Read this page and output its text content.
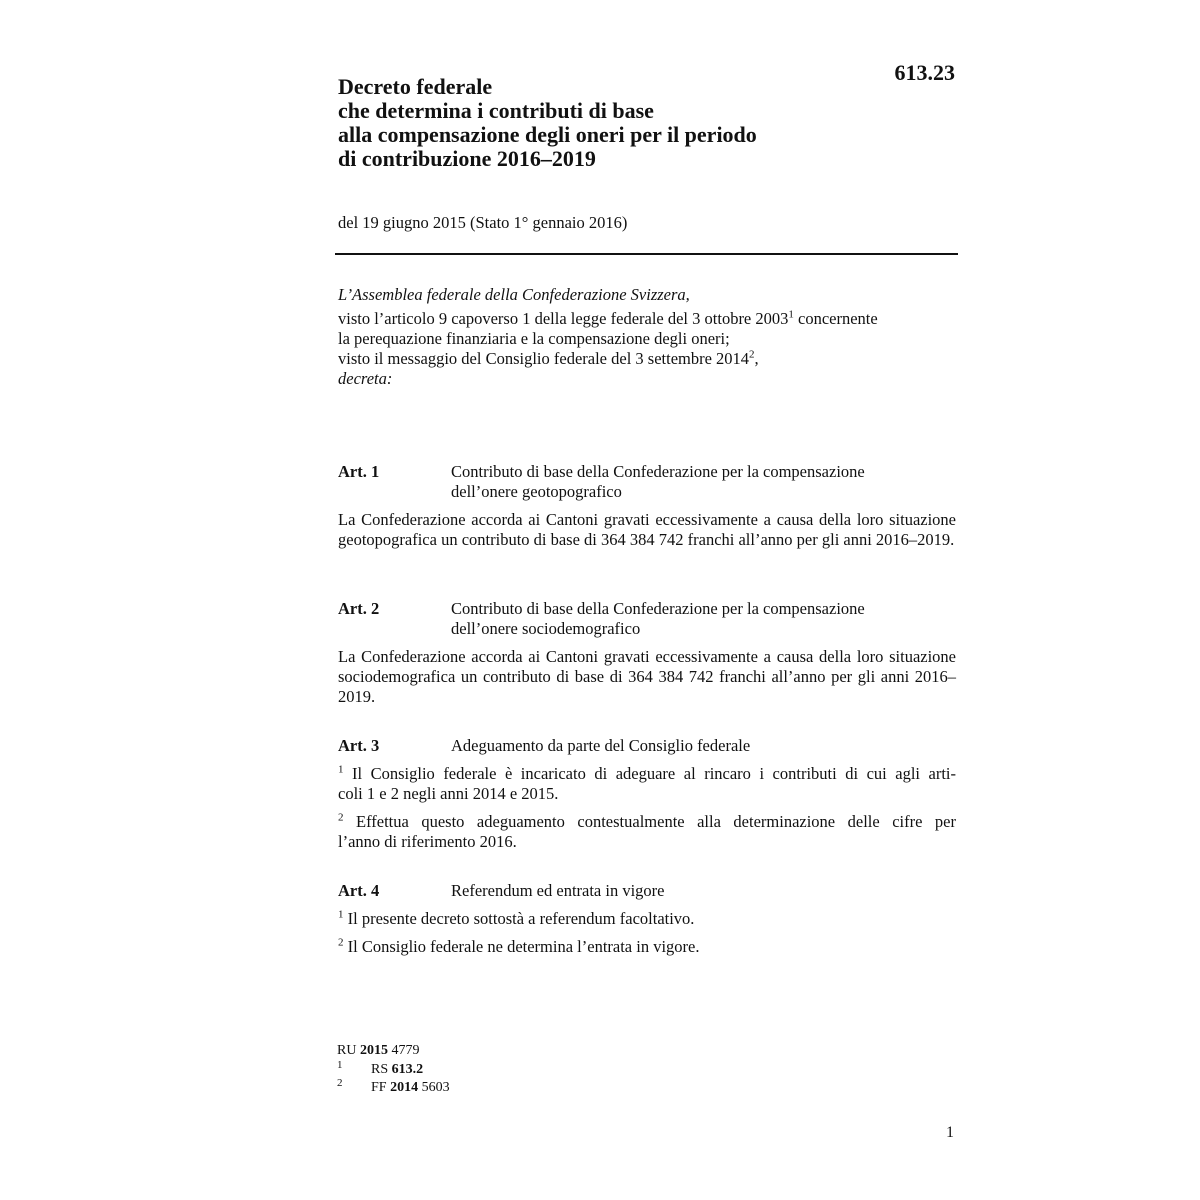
613.23
Decreto federale
che determina i contributi di base
alla compensazione degli oneri per il periodo
di contribuzione 2016–2019
del 19 giugno 2015 (Stato 1° gennaio 2016)
L’Assemblea federale della Confederazione Svizzera,
visto l’articolo 9 capoverso 1 della legge federale del 3 ottobre 2003$^1$ concernente
la perequazione finanziaria e la compensazione degli oneri;
visto il messaggio del Consiglio federale del 3 settembre 2014$^2$,
decreta:
Art. 1	Contributo di base della Confederazione per la compensazione
dell’onere geotopografico
La Confederazione accorda ai Cantoni gravati eccessivamente a causa della loro situazione geotopografica un contributo di base di 364 384 742 franchi all’anno per gli anni 2016–2019.
Art. 2	Contributo di base della Confederazione per la compensazione
dell’onere sociodemografico
La Confederazione accorda ai Cantoni gravati eccessivamente a causa della loro situazione sociodemografica un contributo di base di 364 384 742 franchi all’anno per gli anni 2016–2019.
Art. 3	Adeguamento da parte del Consiglio federale
$^1$ Il Consiglio federale è incaricato di adeguare al rincaro i contributi di cui agli arti-
coli 1 e 2 negli anni 2014 e 2015.
$^2$ Effettua questo adeguamento contestualmente alla determinazione delle cifre per
l’anno di riferimento 2016.
Art. 4	Referendum ed entrata in vigore
$^1$ Il presente decreto sottostà a referendum facoltativo.
$^2$ Il Consiglio federale ne determina l’entrata in vigore.
RU 2015 4779
1	RS 613.2
2	FF 2014 5603
1
